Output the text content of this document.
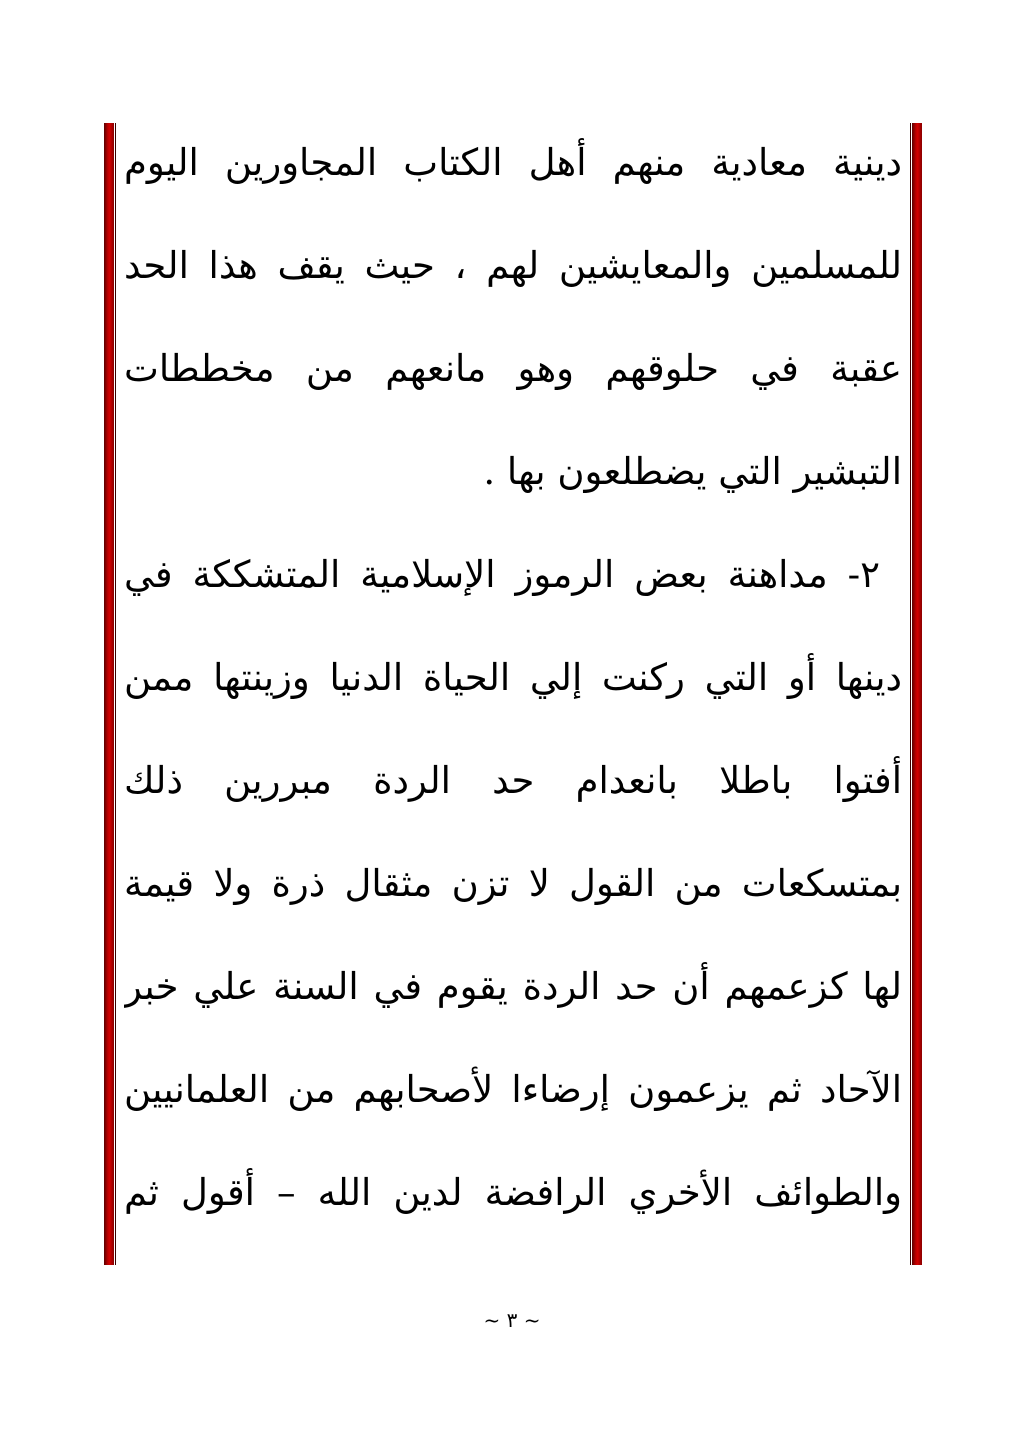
دينية معادية منهم أهل الكتاب المجاورين اليوم
للمسلمين والمعايشين لهم ، حيث يقف هذا الحد
عقبة في حلوقهم وهو مانعهم من مخططات
التبشير التي يضطلعون بها .
٢- مداهنة بعض الرموز الإسلامية المتشككة في
دينها أو التي ركنت إلي الحياة الدنيا وزينتها ممن
أفتوا باطلا بانعدام حد الردة مبررين ذلك
بمتسكعات من القول لا تزن مثقال ذرة ولا قيمة
لها كزعمهم أن حد الردة يقوم في السنة علي خبر
الآحاد ثم يزعمون إرضاءا لأصحابهم من العلمانيين
والطوائف الأخري الرافضة لدين الله – أقول ثم
~ ٣ ~
